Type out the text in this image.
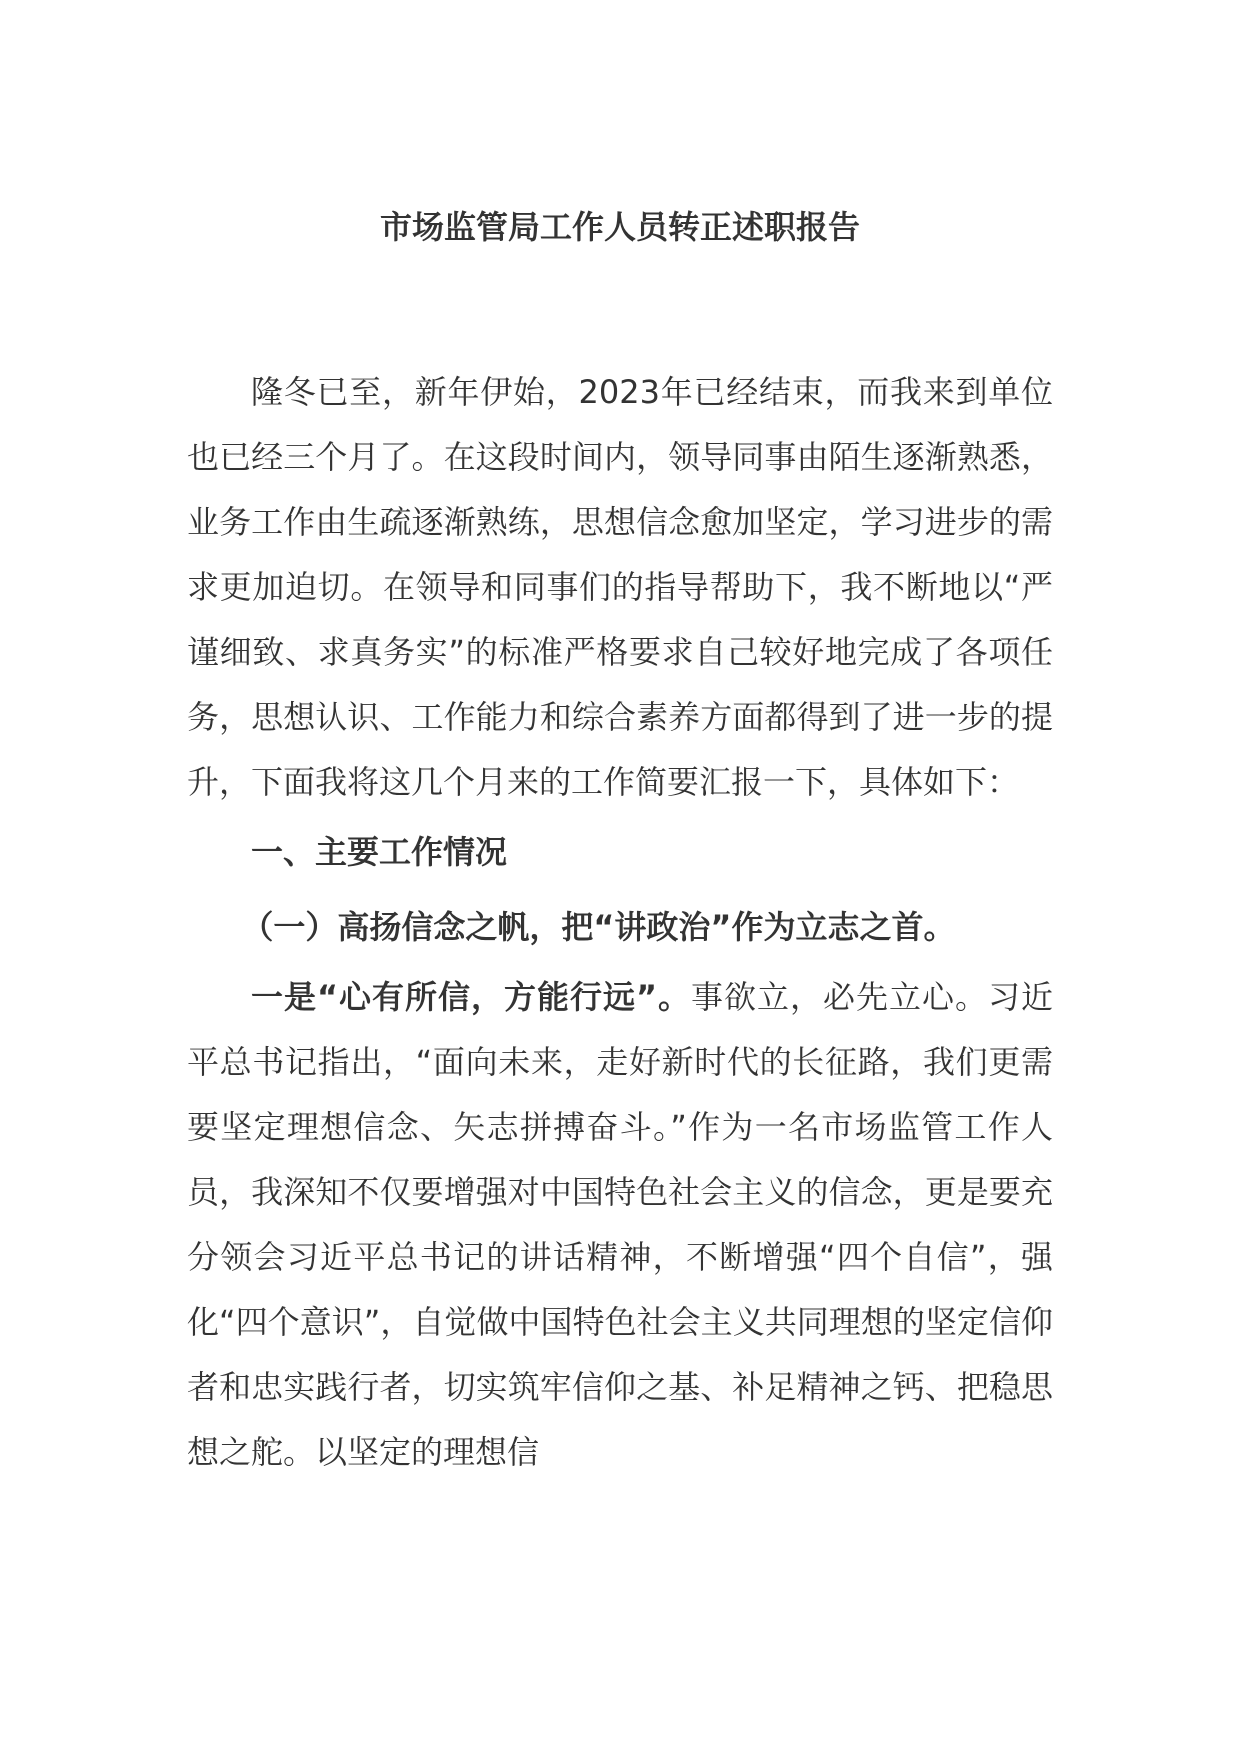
市场监管局工作人员转正述职报告

隆冬已至，新年伊始，2023年已经结束，而我来到单位也已经三个月了。在这段时间内，领导同事由陌生逐渐熟悉，业务工作由生疏逐渐熟练，思想信念愈加坚定，学习进步的需求更加迫切。在领导和同事们的指导帮助下，我不断地以“严谨细致、求真务实”的标准严格要求自己较好地完成了各项任务，思想认识、工作能力和综合素养方面都得到了进一步的提升，下面我将这几个月来的工作简要汇报一下，具体如下：

一、主要工作情况

（一）高扬信念之帆，把“讲政治”作为立志之首。

一是“心有所信，方能行远”。事欲立，必先立心。习近平总书记指出，“面向未来，走好新时代的长征路，我们更需要坚定理想信念、矢志拼搏奋斗。”作为一名市场监管工作人员，我深知不仅要增强对中国特色社会主义的信念，更是要充分领会习近平总书记的讲话精神，不断增强“四个自信”，强化“四个意识”，自觉做中国特色社会主义共同理想的坚定信仰者和忠实践行者，切实筑牢信仰之基、补足精神之钙、把稳思想之舵。以坚定的理想信
